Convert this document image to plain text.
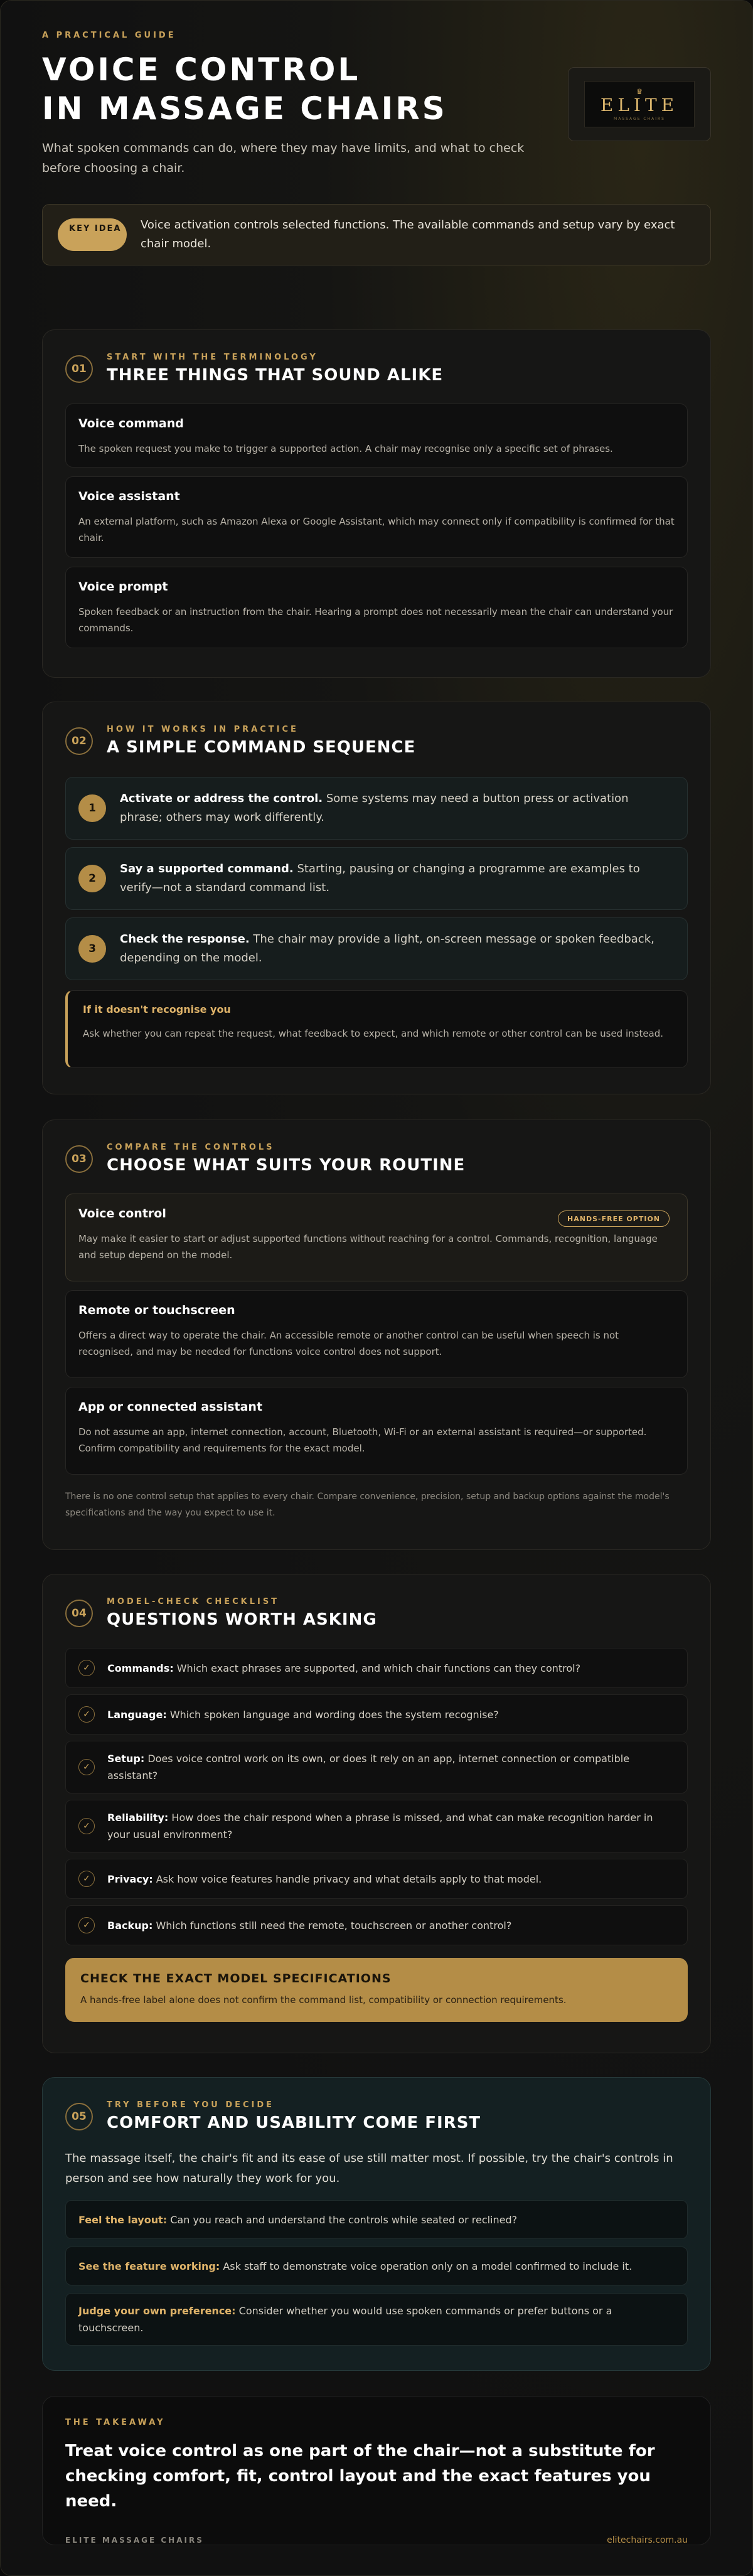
A PRACTICAL GUIDE
VOICE CONTROL
IN MASSAGE CHAIRS
What spoken commands can do, where they may have limits, and what to check before choosing a chair.
♛
ELITE
MASSAGE CHAIRS
KEY IDEA	Voice activation controls selected functions. The available commands and setup vary by exact chair model.
01
START WITH THE TERMINOLOGY
THREE THINGS THAT SOUND ALIKE
Voice command
The spoken request you make to trigger a supported action. A chair may recognise only a specific set of phrases.
Voice assistant
An external platform, such as Amazon Alexa or Google Assistant, which may connect only if compatibility is confirmed for that chair.
Voice prompt
Spoken feedback or an instruction from the chair. Hearing a prompt does not necessarily mean the chair can understand your commands.
02
HOW IT WORKS IN PRACTICE
A SIMPLE COMMAND SEQUENCE
1
Activate or address the control. Some systems may need a button press or activation phrase; others may work differently.
2
Say a supported command. Starting, pausing or changing a programme are examples to verify—not a standard command list.
3
Check the response. The chair may provide a light, on-screen message or spoken feedback, depending on the model.
If it doesn't recognise you
Ask whether you can repeat the request, what feedback to expect, and which remote or other control can be used instead.
03
COMPARE THE CONTROLS
CHOOSE WHAT SUITS YOUR ROUTINE
Voice control	HANDS-FREE OPTION
May make it easier to start or adjust supported functions without reaching for a control. Commands, recognition, language and setup depend on the model.
Remote or touchscreen
Offers a direct way to operate the chair. An accessible remote or another control can be useful when speech is not recognised, and may be needed for functions voice control does not support.
App or connected assistant
Do not assume an app, internet connection, account, Bluetooth, Wi-Fi or an external assistant is required—or supported. Confirm compatibility and requirements for the exact model.
There is no one control setup that applies to every chair. Compare convenience, precision, setup and backup options against the model's specifications and the way you expect to use it.
04
MODEL-CHECK CHECKLIST
QUESTIONS WORTH ASKING
✓	Commands: Which exact phrases are supported, and which chair functions can they control?
✓	Language: Which spoken language and wording does the system recognise?
✓
Setup: Does voice control work on its own, or does it rely on an app, internet connection or compatible assistant?
✓
Reliability: How does the chair respond when a phrase is missed, and what can make recognition harder in your usual environment?
✓	Privacy: Ask how voice features handle privacy and what details apply to that model.
✓	Backup: Which functions still need the remote, touchscreen or another control?
CHECK THE EXACT MODEL SPECIFICATIONS
A hands-free label alone does not confirm the command list, compatibility or connection requirements.
05
TRY BEFORE YOU DECIDE
COMFORT AND USABILITY COME FIRST
The massage itself, the chair's fit and its ease of use still matter most. If possible, try the chair's controls in person and see how naturally they work for you.
Feel the layout: Can you reach and understand the controls while seated or reclined?
See the feature working: Ask staff to demonstrate voice operation only on a model confirmed to include it.
Judge your own preference: Consider whether you would use spoken commands or prefer buttons or a touchscreen.
THE TAKEAWAY
Treat voice control as one part of the chair—not a substitute for checking comfort, fit, control layout and the exact features you need.
ELITE MASSAGE CHAIRS	elitechairs.com.au
